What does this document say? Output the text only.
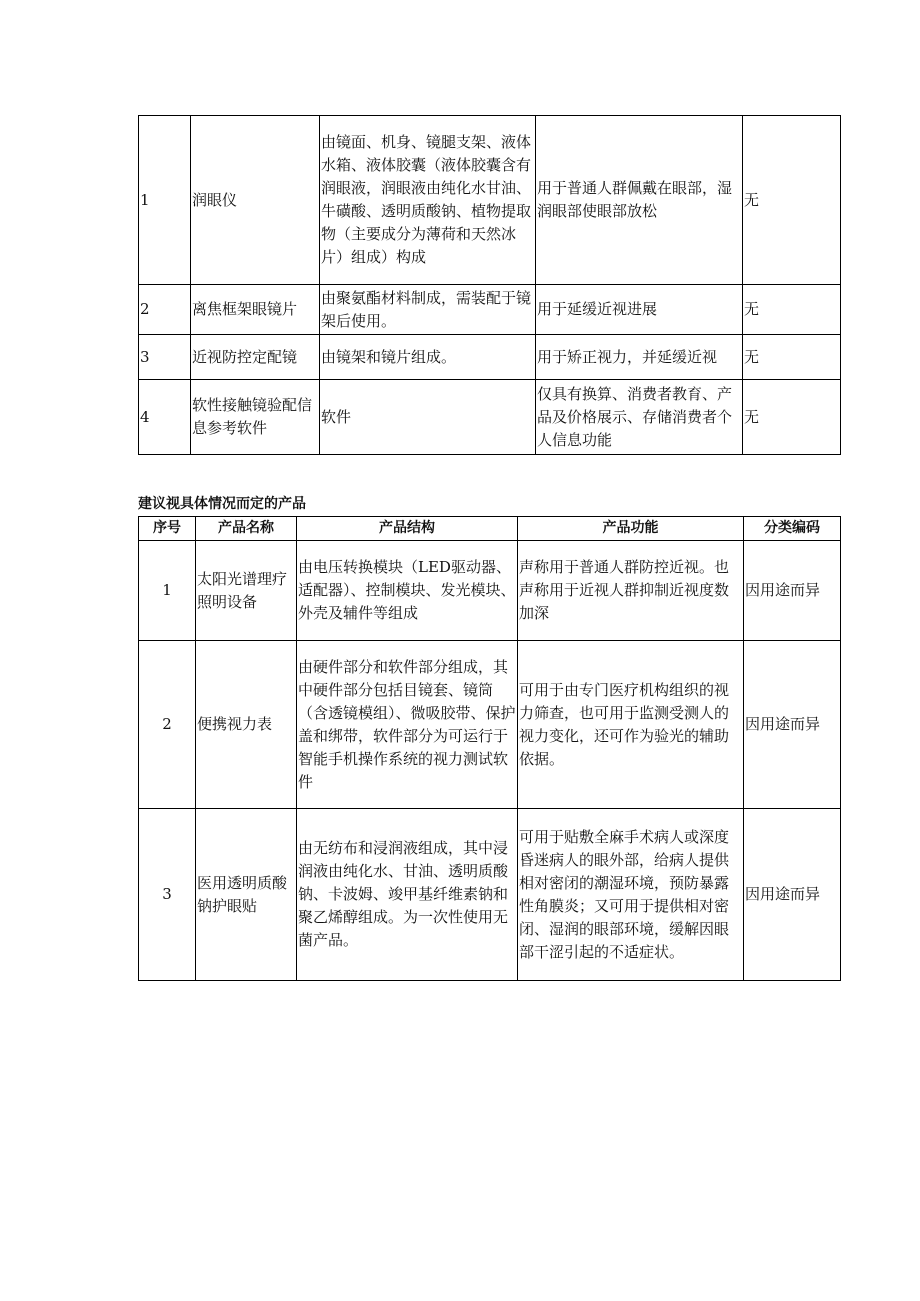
1	润眼仪	由镜面、机身、镜腿支架、液体水箱、液体胶囊（液体胶囊含有润眼液，润眼液由纯化水甘油、牛磺酸、透明质酸钠、植物提取物（主要成分为薄荷和天然冰片）组成）构成	用于普通人群佩戴在眼部，湿润眼部使眼部放松	无
2	离焦框架眼镜片	由聚氨酯材料制成，需装配于镜架后使用。	用于延缓近视进展	无
3	近视防控定配镜	由镜架和镜片组成。	用于矫正视力，并延缓近视	无
4	软性接触镜验配信息参考软件	软件	仅具有换算、消费者教育、产品及价格展示、存储消费者个人信息功能	无
建议视具体情况而定的产品
序号	产品名称	产品结构	产品功能	分类编码
1	太阳光谱理疗照明设备	由电压转换模块（LED驱动器、适配器）、控制模块、发光模块、外壳及辅件等组成	声称用于普通人群防控近视。也声称用于近视人群抑制近视度数加深	因用途而异
2	便携视力表	由硬件部分和软件部分组成，其中硬件部分包括目镜套、镜筒（含透镜模组）、微吸胶带、保护盖和绑带，软件部分为可运行于智能手机操作系统的视力测试软件	可用于由专门医疗机构组织的视力筛查，也可用于监测受测人的视力变化，还可作为验光的辅助依据。	因用途而异
3	医用透明质酸钠护眼贴	由无纺布和浸润液组成，其中浸润液由纯化水、甘油、透明质酸钠、卡波姆、竣甲基纤维素钠和聚乙烯醇组成。为一次性使用无菌产品。	可用于贴敷全麻手术病人或深度昏迷病人的眼外部，给病人提供相对密闭的潮湿环境，预防暴露性角膜炎；又可用于提供相对密闭、湿润的眼部环境，缓解因眼部干涩引起的不适症状。	因用途而异
